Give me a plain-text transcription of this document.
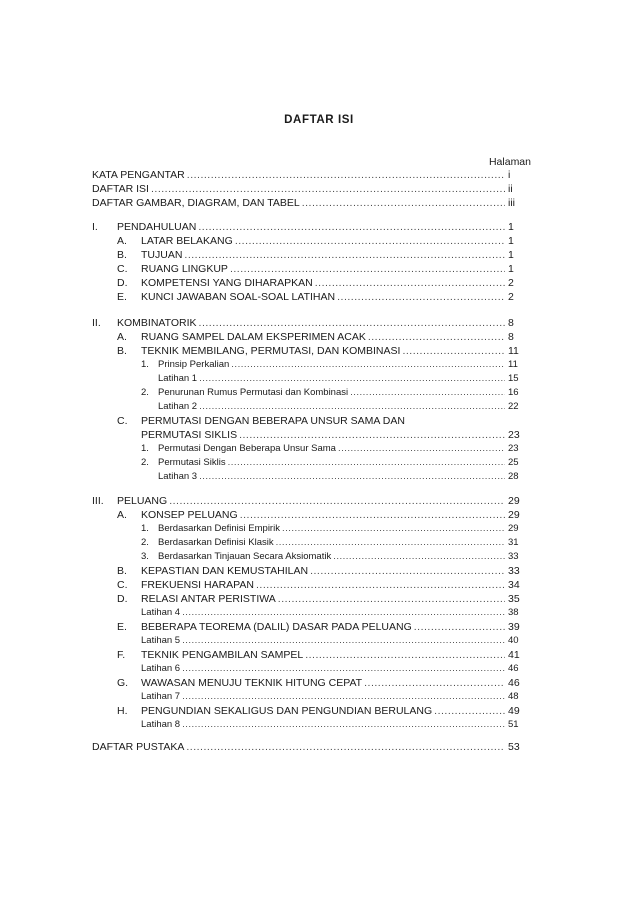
DAFTAR ISI
Halaman
KATA PENGANTAR .....	i
DAFTAR ISI .....	ii
DAFTAR GAMBAR, DIAGRAM, DAN TABEL .....	iii
I.	PENDAHULUAN .....	1
A.	LATAR BELAKANG .....	1
B.	TUJUAN .....	1
C.	RUANG LINGKUP .....	1
D.	KOMPETENSI YANG DIHARAPKAN .....	2
E.	KUNCI JAWABAN SOAL-SOAL LATIHAN .....	2
II.	KOMBINATORIK .....	8
A.	RUANG SAMPEL DALAM EKSPERIMEN ACAK .....	8
B.	TEKNIK MEMBILANG, PERMUTASI, DAN KOMBINASI .....	11
1. Prinsip Perkalian .....	11
Latihan 1 .....	15
2. Penurunan Rumus Permutasi dan Kombinasi .....	16
Latihan 2 .....	22
C.	PERMUTASI DENGAN BEBERAPA UNSUR SAMA DAN
PERMUTASI SIKLIS .....	23
1. Permutasi Dengan Beberapa Unsur Sama .....	23
2. Permutasi Siklis .....	25
Latihan 3 .....	28
III.	PELUANG .....	29
A.	KONSEP PELUANG .....	29
1. Berdasarkan Definisi Empirik .....	29
2. Berdasarkan Definisi Klasik .....	31
3. Berdasarkan Tinjauan Secara Aksiomatik .....	33
B.	KEPASTIAN DAN KEMUSTAHILAN .....	33
C.	FREKUENSI HARAPAN .....	34
D.	RELASI ANTAR PERISTIWA .....	35
Latihan 4 .....	38
E.	BEBERAPA TEOREMA (DALIL) DASAR PADA PELUANG .....	39
Latihan 5 .....	40
F.	TEKNIK PENGAMBILAN SAMPEL .....	41
Latihan 6 .....	46
G.	WAWASAN MENUJU TEKNIK HITUNG CEPAT .....	46
Latihan 7 .....	48
H.	PENGUNDIAN SEKALIGUS DAN PENGUNDIAN BERULANG .....	49
Latihan 8 .....	51
DAFTAR PUSTAKA .....	53
